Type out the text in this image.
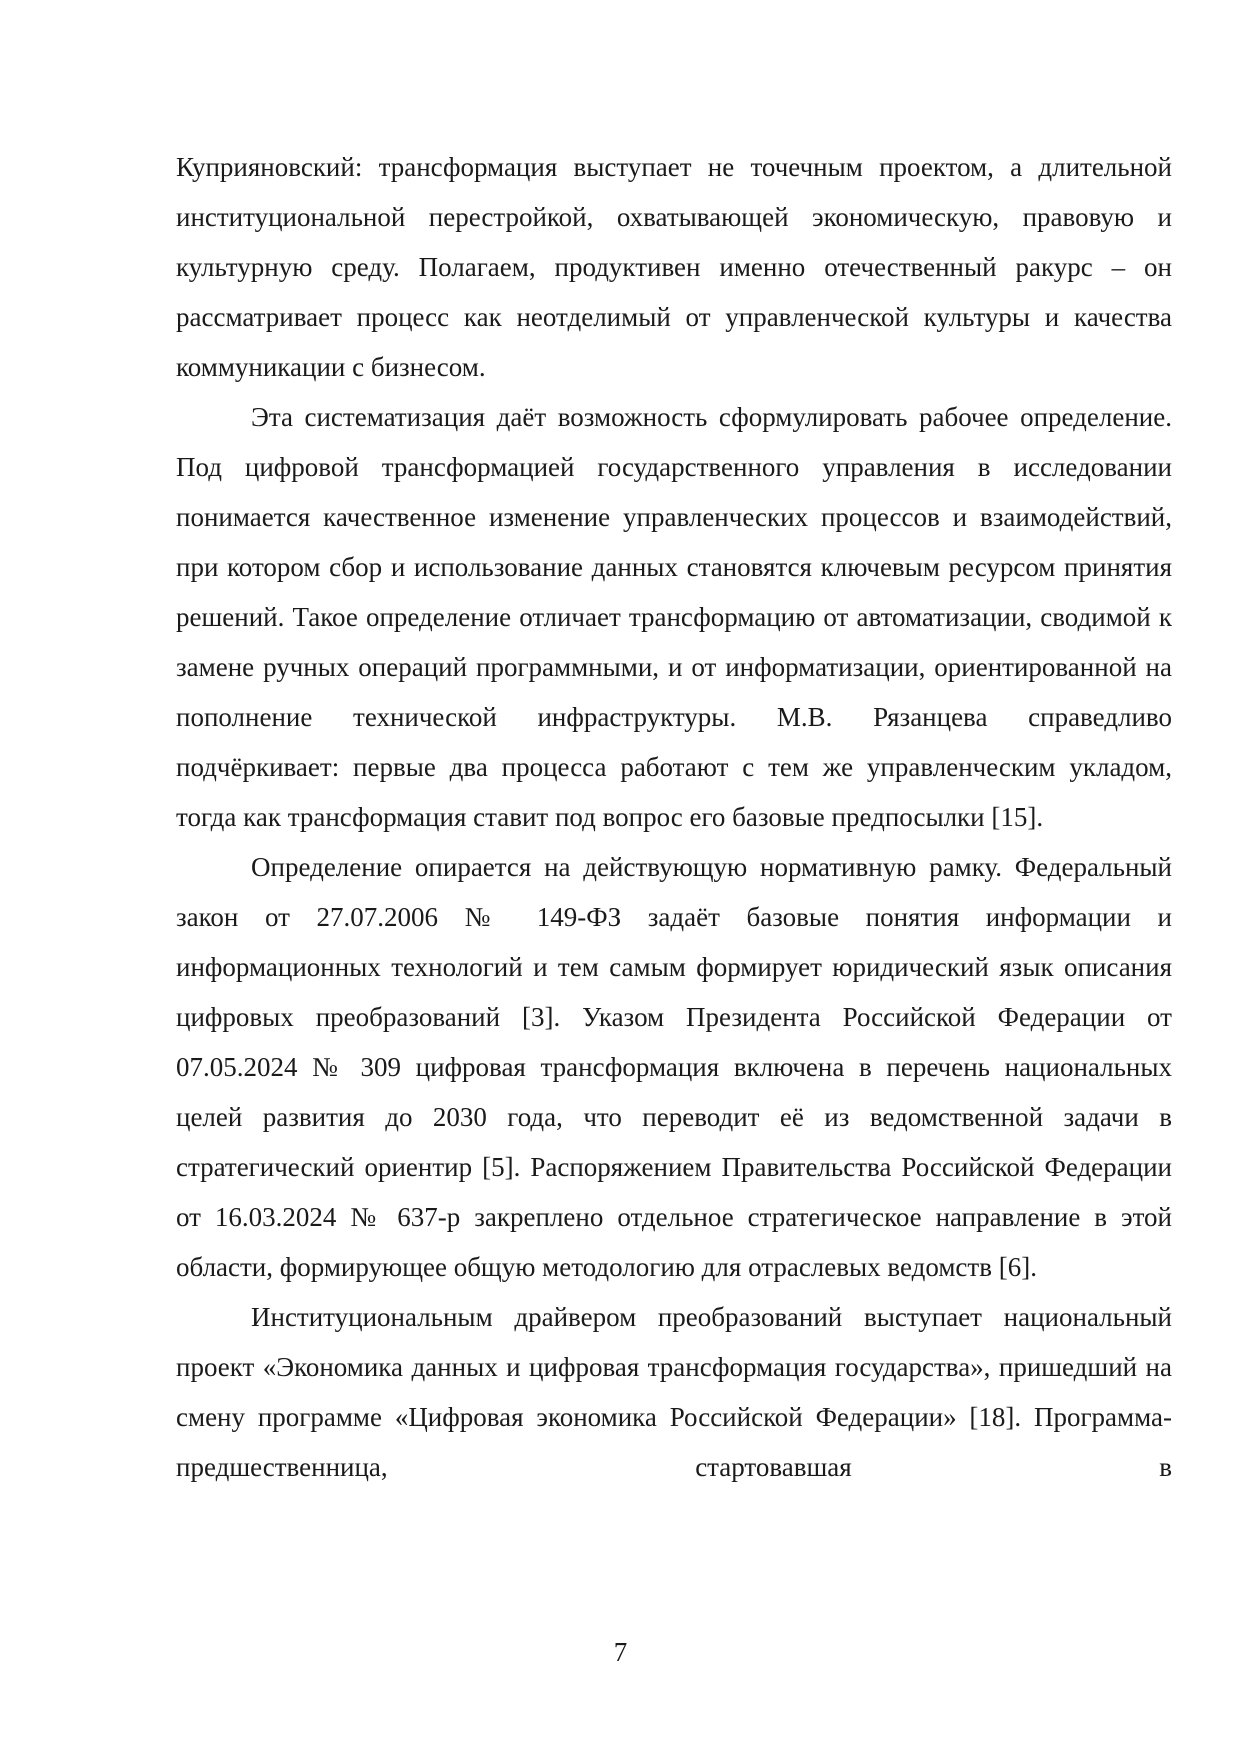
Куприяновский: трансформация выступает не точечным проектом, а длительной институциональной перестройкой, охватывающей экономическую, правовую и культурную среду. Полагаем, продуктивен именно отечественный ракурс – он рассматривает процесс как неотделимый от управленческой культуры и качества коммуникации с бизнесом.

Эта систематизация даёт возможность сформулировать рабочее определение. Под цифровой трансформацией государственного управления в исследовании понимается качественное изменение управленческих процессов и взаимодействий, при котором сбор и использование данных становятся ключевым ресурсом принятия решений. Такое определение отличает трансформацию от автоматизации, сводимой к замене ручных операций программными, и от информатизации, ориентированной на пополнение технической инфраструктуры. М.В. Рязанцева справедливо подчёркивает: первые два процесса работают с тем же управленческим укладом, тогда как трансформация ставит под вопрос его базовые предпосылки [15].

Определение опирается на действующую нормативную рамку. Федеральный закон от 27.07.2006 № 149-ФЗ задаёт базовые понятия информации и информационных технологий и тем самым формирует юридический язык описания цифровых преобразований [3]. Указом Президента Российской Федерации от 07.05.2024 № 309 цифровая трансформация включена в перечень национальных целей развития до 2030 года, что переводит её из ведомственной задачи в стратегический ориентир [5]. Распоряжением Правительства Российской Федерации от 16.03.2024 № 637-р закреплено отдельное стратегическое направление в этой области, формирующее общую методологию для отраслевых ведомств [6].

Институциональным драйвером преобразований выступает национальный проект «Экономика данных и цифровая трансформация государства», пришедший на смену программе «Цифровая экономика Российской Федерации» [18]. Программа-предшественница, стартовавшая в

7
